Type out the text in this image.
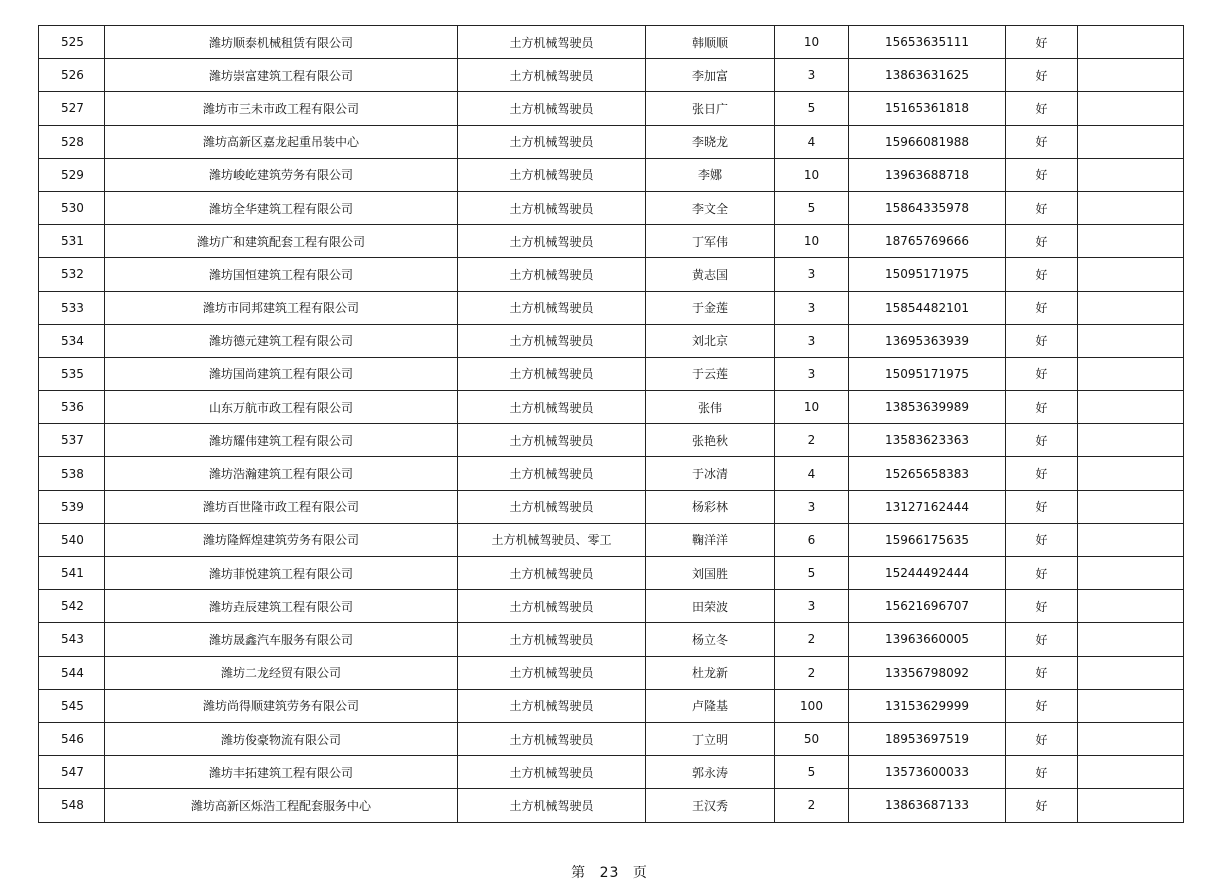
525	潍坊顺泰机械租赁有限公司	土方机械驾驶员	韩顺顺	10	15653635111	好	
526	潍坊崇富建筑工程有限公司	土方机械驾驶员	李加富	3	13863631625	好	
527	潍坊市三未市政工程有限公司	土方机械驾驶员	张日广	5	15165361818	好	
528	潍坊高新区嘉龙起重吊装中心	土方机械驾驶员	李晓龙	4	15966081988	好	
529	潍坊峻屹建筑劳务有限公司	土方机械驾驶员	李娜	10	13963688718	好	
530	潍坊全华建筑工程有限公司	土方机械驾驶员	李文全	5	15864335978	好	
531	潍坊广和建筑配套工程有限公司	土方机械驾驶员	丁军伟	10	18765769666	好	
532	潍坊国恒建筑工程有限公司	土方机械驾驶员	黄志国	3	15095171975	好	
533	潍坊市同邦建筑工程有限公司	土方机械驾驶员	于金莲	3	15854482101	好	
534	潍坊德元建筑工程有限公司	土方机械驾驶员	刘北京	3	13695363939	好	
535	潍坊国尚建筑工程有限公司	土方机械驾驶员	于云莲	3	15095171975	好	
536	山东万航市政工程有限公司	土方机械驾驶员	张伟	10	13853639989	好	
537	潍坊耀伟建筑工程有限公司	土方机械驾驶员	张艳秋	2	13583623363	好	
538	潍坊浩瀚建筑工程有限公司	土方机械驾驶员	于冰清	4	15265658383	好	
539	潍坊百世隆市政工程有限公司	土方机械驾驶员	杨彩林	3	13127162444	好	
540	潍坊隆辉煌建筑劳务有限公司	土方机械驾驶员、零工	鞠洋洋	6	15966175635	好	
541	潍坊菲悦建筑工程有限公司	土方机械驾驶员	刘国胜	5	15244492444	好	
542	潍坊垚辰建筑工程有限公司	土方机械驾驶员	田荣波	3	15621696707	好	
543	潍坊晟鑫汽车服务有限公司	土方机械驾驶员	杨立冬	2	13963660005	好	
544	潍坊二龙经贸有限公司	土方机械驾驶员	杜龙新	2	13356798092	好	
545	潍坊尚得顺建筑劳务有限公司	土方机械驾驶员	卢隆基	100	13153629999	好	
546	潍坊俊豪物流有限公司	土方机械驾驶员	丁立明	50	18953697519	好	
547	潍坊丰拓建筑工程有限公司	土方机械驾驶员	郭永涛	5	13573600033	好	
548	潍坊高新区烁浩工程配套服务中心	土方机械驾驶员	王汉秀	2	13863687133	好	
第 23 页
